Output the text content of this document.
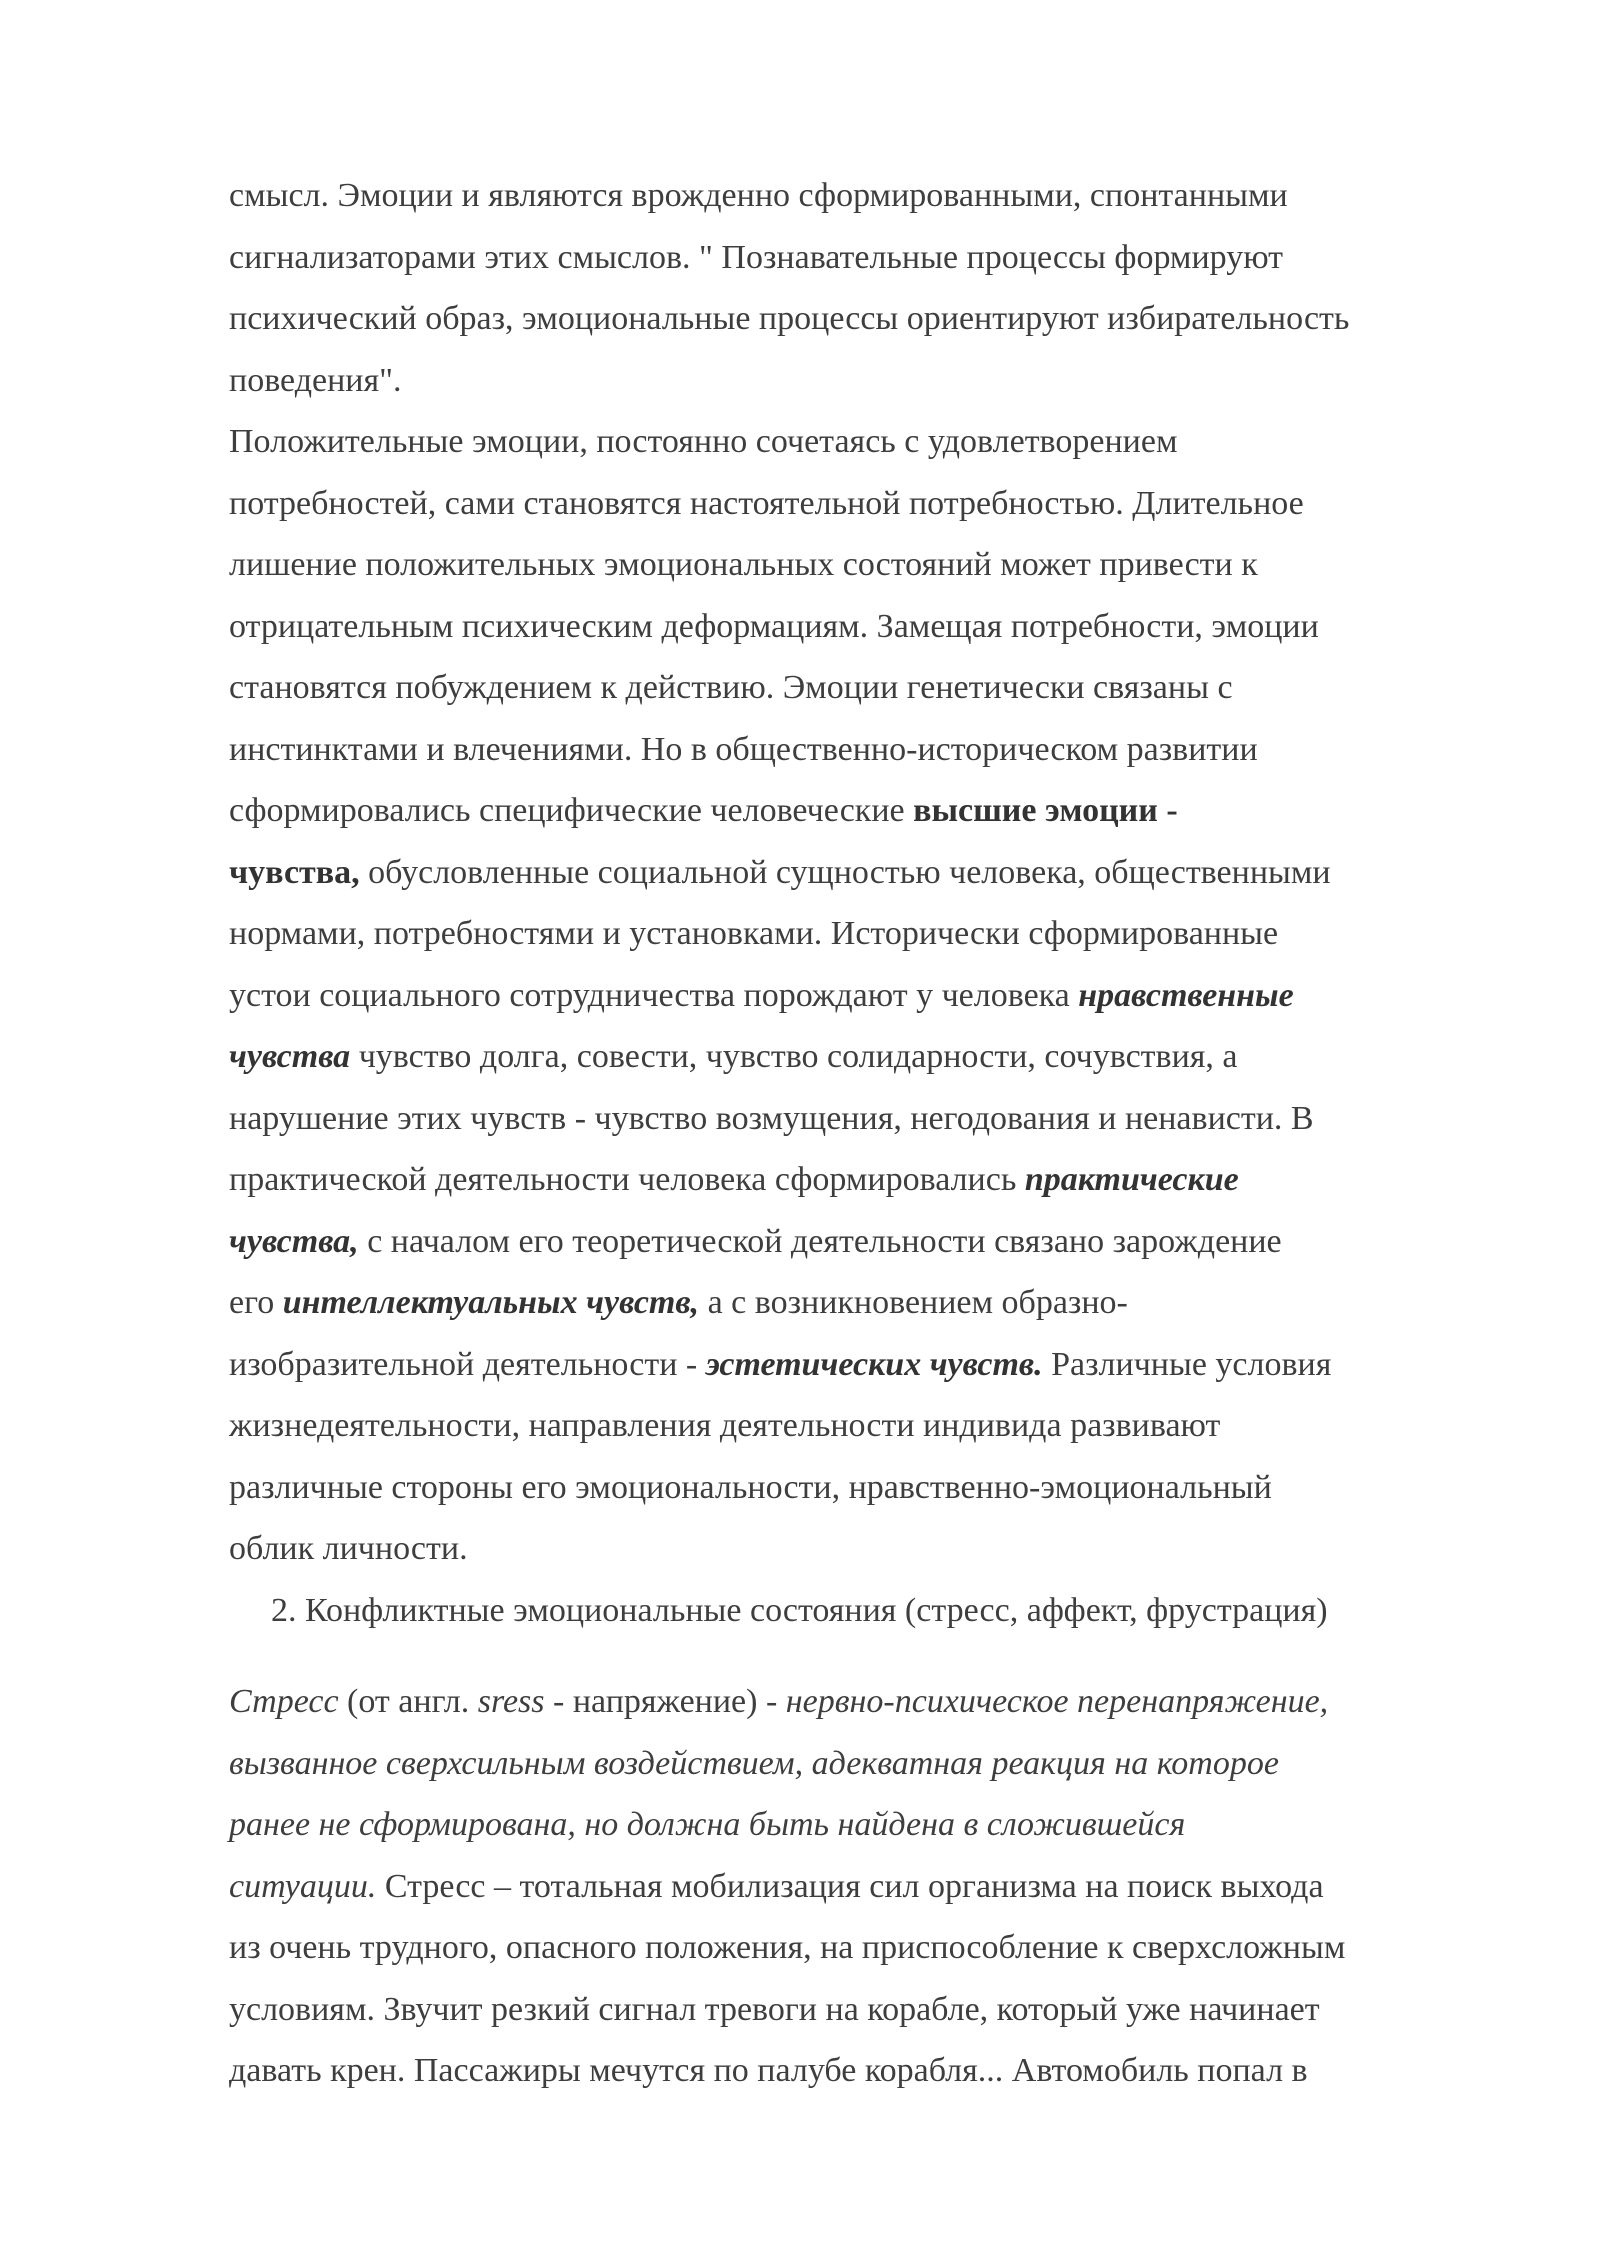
смысл. Эмоции и являются врожденно сформированными, спонтанными
сигнализаторами этих смыслов. " Познавательные процессы формируют
психический образ, эмоциональные процессы ориентируют избирательность
поведения".
Положительные эмоции, постоянно сочетаясь с удовлетворением
потребностей, сами становятся настоятельной потребностью. Длительное
лишение положительных эмоциональных состояний может привести к
отрицательным психическим деформациям. Замещая потребности, эмоции
становятся побуждением к действию. Эмоции генетически связаны с
инстинктами и влечениями. Но в общественно-историческом развитии
сформировались специфические человеческие высшие эмоции -
чувства, обусловленные социальной сущностью человека, общественными
нормами, потребностями и установками. Исторически сформированные
устои социального сотрудничества порождают у человека нравственные
чувства чувство долга, совести, чувство солидарности, сочувствия, а
нарушение этих чувств - чувство возмущения, негодования и ненависти. В
практической деятельности человека сформировались практические
чувства, с началом его теоретической деятельности связано зарождение
его интеллектуальных чувств, а с возникновением образно-
изобразительной деятельности - эстетических чувств. Различные условия
жизнедеятельности, направления деятельности индивида развивают
различные стороны его эмоциональности, нравственно-эмоциональный
облик личности.
2. Конфликтные эмоциональные состояния (стресс, аффект, фрустрация)
Стресс (от англ. sress - напряжение) - нервно-психическое перенапряжение,
вызванное сверхсильным воздействием, адекватная реакция на которое
ранее не сформирована, но должна быть найдена в сложившейся
ситуации. Стресс – тотальная мобилизация сил организма на поиск выхода
из очень трудного, опасного положения, на приспособление к сверхсложным
условиям. Звучит резкий сигнал тревоги на корабле, который уже начинает
давать крен. Пассажиры мечутся по палубе корабля... Автомобиль попал в
